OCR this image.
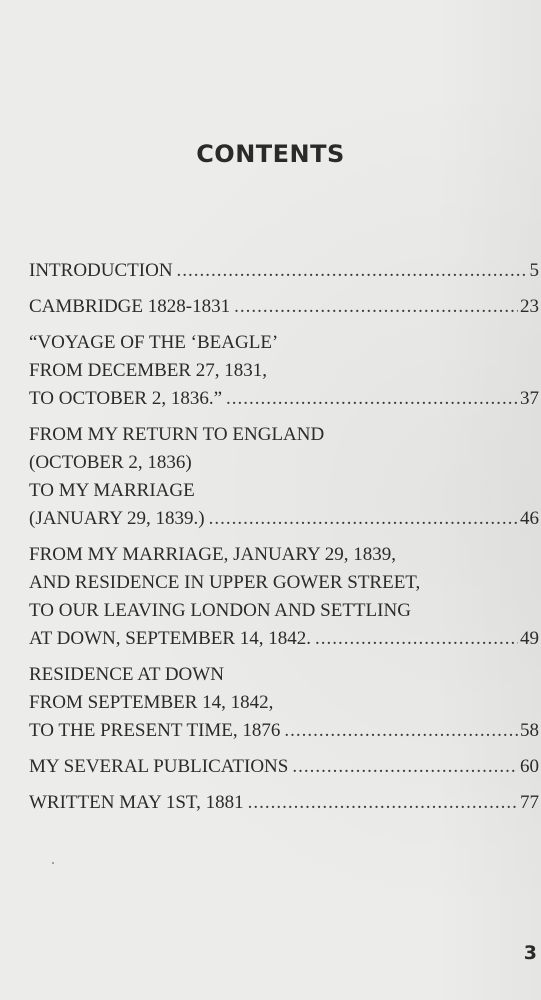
CONTENTS
INTRODUCTION .....	5
CAMBRIDGE 1828-1831 .....	23
“VOYAGE OF THE ‘BEAGLE’
FROM DECEMBER 27, 1831,
TO OCTOBER 2, 1836.” .....	37
FROM MY RETURN TO ENGLAND
(OCTOBER 2, 1836)
TO MY MARRIAGE
(JANUARY 29, 1839.) .....	46
FROM MY MARRIAGE, JANUARY 29, 1839,
AND RESIDENCE IN UPPER GOWER STREET,
TO OUR LEAVING LONDON AND SETTLING
AT DOWN, SEPTEMBER 14, 1842. .....	49
RESIDENCE AT DOWN
FROM SEPTEMBER 14, 1842,
TO THE PRESENT TIME, 1876 .....	58
MY SEVERAL PUBLICATIONS .....	60
WRITTEN MAY 1ST, 1881 .....	77
3
